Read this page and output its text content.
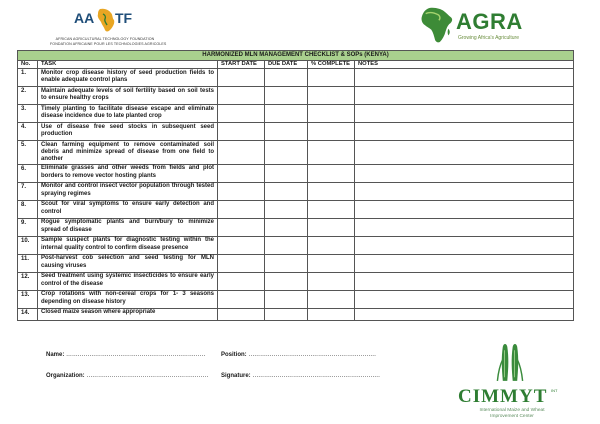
AA TF
AFRICAN AGRICULTURAL TECHNOLOGY FOUNDATION
FONDATION AFRICAINE POUR LES TECHNOLOGIES AGRICOLES
AGRA
Growing Africa's Agriculture
HARMONIZED MLN MANAGEMENT CHECKLIST & SOPs (KENYA)					
No.	TASK	START DATE	DUE DATE	% COMPLETE	NOTES
1.	Monitor crop disease history of seed production fields to enable adequate control plans				
2.	Maintain adequate levels of soil fertility based on soil tests to ensure healthy crops				
3.	Timely planting to facilitate disease escape and eliminate disease incidence due to late planted crop				
4.	Use of disease free seed stocks in subsequent seed production				
5.	Clean farming equipment to remove contaminated soil debris and minimize spread of disease from one field to another				
6.	Eliminate grasses and other weeds from fields and plot borders to remove vector hosting plants				
7.	Monitor and control insect vector population through tested spraying regimes				
8.	Scout for viral symptoms to ensure early detection and control				
9.	Rogue symptomatic plants and burn/bury to minimize spread of disease				
10.	Sample suspect plants for diagnostic testing within the internal quality control to confirm disease presence				
11.	Post-harvest cob selection and seed testing for MLN causing viruses				
12.	Seed treatment using systemic insecticides to ensure early control of the disease				
13.	Crop rotations with non-cereal crops for 1- 3 seasons depending on disease history				
14.	Closed maize season where appropriate				
Name: ………………………………………………………………	Position: …………………………………………………………
Organization: ……………………………………………………… Signature: …………………………………………………………
CIMMYT INT
International Maize and Wheat
Improvement Center
